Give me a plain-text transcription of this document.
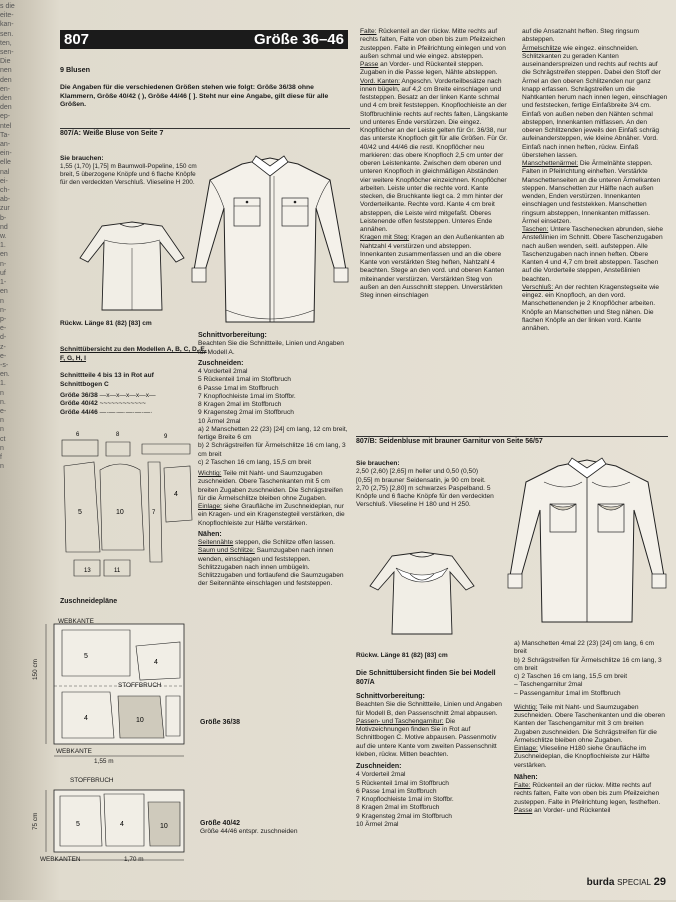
s die
eite-
kan-
sen.
ten,
sen-
Die
nen
den
en-
den
den
ep-
ntel
Ta-
an-
ein-
elle
nal
ei-
ch-
ab-
zur
b-
nd
w.
1.
en
n-
uf
1-
en
n
n-
p-
e-
d-
z-
e-
-s-
en.
1.
n
n.
e-
n
n
ct
n
f
n
807	Größe 36–46

9 Blusen

Die Angaben für die verschiedenen Größen stehen wie folgt: Größe 36/38 ohne Klammern, Größe 40/42 ( ), Größe 44/46 [ ]. Steht nur eine Angabe, gilt diese für alle Größen.

807/A: Weiße Bluse von Seite 7

Sie brauchen:

1,55 (1,70) [1,75] m Baumwoll-Popeline, 150 cm breit, 5 überzogene Knöpfe und 6 flache Knöpfe für den verdeckten Verschluß. Vlieseline H 200.

Rückw. Länge 81 (82) [83] cm
Schnittübersicht zu den Modellen A, B, C, D, E, F, G, H, I
Schnittteile 4 bis 13 in Rot auf Schnittbogen C

Größe 36/38 —x—x—x—x—x—

Größe 40/42 ~~~~~~~~~~~~

Größe 44/46 —·—·—·—·—·—·

6	8	9
5	10	7
4
13	11
Zuschneidepläne
5
4	10
4
WEBKANTE
STOFFBRUCH
150 cm
WEBKANTE
1,55 m
Größe 36/38
5	4	10
STOFFBRUCH
75 cm
WEBKANTEN	1,70 m

Größe 40/42

Größe 44/46 entspr. zuschneiden

Schnittvorbereitung:

Beachten Sie die Schnittteile, Linien und Angaben für Modell A.

Zuschneiden:

4 Vorderteil 2mal

5 Rückenteil 1mal im Stoffbruch

6 Passe 1mal im Stoffbruch

7 Knopflochleiste 1mal im Stoffbr.

8 Kragen 2mal im Stoffbruch

9 Kragensteg 2mal im Stoffbruch

10 Ärmel 2mal

a) 2 Manschetten 22 (23) [24] cm lang, 12 cm breit, fertige Breite 6 cm

b) 2 Schrägstreifen für Ärmelschlitze 16 cm lang, 3 cm breit

c) 2 Taschen 16 cm lang, 15,5 cm breit

Wichtig: Teile mit Naht- und Saumzugaben zuschneiden. Obere Taschenkanten mit 5 cm breiten Zugaben zuschneiden. Die Schrägstreifen für die Ärmelschlitze bleiben ohne Zugaben.

Einlage: siehe Graufläche im Zuschneideplan, nur ein Kragen- und ein Kragenstegteil verstärken, die Knopflochleiste zur Hälfte verstärken.

Nähen:

Seitennähte steppen, die Schlitze offen lassen.

Saum und Schlitze: Saumzugaben nach innen wenden, einschlagen und feststeppen. Schlitzzugaben nach innen umbügeln. Schlitzzugaben und fortlaufend die Saumzugaben der Seitennähte einschlagen und feststeppen.

Falte: Rückenteil an der rückw. Mitte rechts auf rechts falten, Falte von oben bis zum Pfeilzeichen zusteppen. Falte in Pfeilrichtung einlegen und von außen schmal und wie eingez. absteppen.

Passe an Vorder- und Rückenteil steppen. Zugaben in die Passe legen, Nähte absteppen.

Vord. Kanten: Angeschn. Vorderteilbesätze nach innen bügeln, auf 4,2 cm Breite einschlagen und feststeppen. Besatz an der linken Kante schmal und 4 cm breit feststeppen. Knopflochleiste an der Stoffbruchlinie rechts auf rechts falten, Längskante und unteres Ende verstürzen. Die eingez. Knopflöcher an der Leiste gelten für Gr. 36/38, nur das unterste Knopfloch gilt für alle Größen. Für Gr. 40/42 und 44/46 die restl. Knopflöcher neu markieren: das obere Knopfloch 2,5 cm unter der oberen Leistenkante. Zwischen dem oberen und unteren Knopfloch in gleichmäßigen Abständen vier weitere Knopflöcher einzeichnen. Knopflöcher arbeiten. Leiste unter die rechte vord. Kante stecken, die Bruchkante liegt ca. 2 mm hinter der Vorderteilkante. Rechte vord. Kante 4 cm breit absteppen, die Leiste wird mitgefaßt. Oberes Leistenende offen feststeppen. Unteres Ende annähen.

Kragen mit Steg: Kragen an den Außenkanten ab Nahtzahl 4 verstürzen und absteppen. Innenkanten zusammenfassen und an die obere Kante von verstärkten Steg heften, Nahtzahl 4 beachten. Stege an den vord. und oberen Kanten miteinander verstürzen. Verstärkten Steg von außen an den Ausschnitt steppen. Unverstärkten Steg innen einschlagen

auf die Ansatznaht heften. Steg ringsum absteppen.

Ärmelschlitze wie eingez. einschneiden. Schlitzkanten zu geraden Kanten auseinanderspreizen und rechts auf rechts auf die Schrägstreifen steppen. Dabei den Stoff der Ärmel an den oberen Schlitzenden nur ganz knapp erfassen. Schrägstreifen um die Nahtkanten herum nach innen legen, einschlagen und feststecken, fertige Einfaßbreite 3/4 cm. Einfaß von außen neben den Nähten schmal absteppen, Innenkanten mitfassen. An den oberen Schlitzenden jeweils den Einfaß schräg aufeinandersteppen, wie kleine Abnäher. Vord. Einfaß nach innen heften, rückw. Einfaß überstehen lassen.

Manschettenärmel: Die Ärmelnähte steppen. Falten in Pfeilrichtung einheften. Verstärkte Manschettenseiten an die unteren Ärmelkanten steppen. Manschetten zur Hälfte nach außen wenden, Enden verstürzen. Innenkanten einschlagen und feststekken. Manschetten ringsum absteppen, Innenkanten mitfassen. Ärmel einsetzen.

Taschen: Untere Taschenecken abrunden, siehe Ansteßlinien im Schnitt. Obere Taschenzugaben nach außen wenden, seitl. aufsteppen. Alle Taschenzugaben nach innen heften. Obere Kanten 4 und 4,7 cm breit absteppen. Taschen auf die Vorderteile steppen, Ansteßlinien beachten.

Verschluß: An der rechten Kragenstegseite wie eingez. ein Knopfloch, an den vord. Manschettenenden je 2 Knopflöcher arbeiten. Knöpfe an Manschetten und Steg nähen. Die flachen Knöpfe an der linken vord. Kante annähen.

807/B: Seidenbluse mit brauner Garnitur von Seite 56/57

Sie brauchen:

2,50 (2,60) [2,65] m heller und 0,50 (0,50) [0,55] m brauner Seidensatin, je 90 cm breit. 2,70 (2,75) [2,80] m schwarzes Paspelband. 5 Knöpfe und 6 flache Knöpfe für den verdeckten Verschluß. Vlieseline H 180 und H 250.

Rückw. Länge 81 (82) [83] cm

Die Schnittübersicht finden Sie bei Modell 807/A

Schnittvorbereitung:

Beachten Sie die Schnittteile, Linien und Angaben für Modell B, den Passenschnitt 2mal abpausen.

Passen- und Taschengarnitur: Die Motivzeichnungen finden Sie in Rot auf Schnittbogen C. Motive abpausen. Passenmotiv auf die untere Kante vom zweiten Passenschnitt kleben, rückw. Mitten beachten.

Zuschneiden:

4 Vorderteil 2mal

5 Rückenteil 1mal im Stoffbruch

6 Passe 1mal im Stoffbruch

7 Knopflochleiste 1mal im Stoffbr.

8 Kragen 2mal im Stoffbruch

9 Kragensteg 2mal im Stoffbruch

10 Ärmel 2mal

a) Manschetten 4mal 22 (23) [24] cm lang, 6 cm breit

b) 2 Schrägstreifen für Ärmelschlitze 16 cm lang, 3 cm breit

c) 2 Taschen 16 cm lang, 15,5 cm breit

– Taschengarnitur 2mal

– Passengarnitur 1mal im Stoffbruch

Wichtig: Teile mit Naht- und Saumzugaben zuschneiden. Obere Taschenkanten und die oberen Kanten der Taschengarnitur mit 3 cm breiten Zugaben zuschneiden. Die Schrägstreifen für die Ärmelschlitze bleiben ohne Zugaben.

Einlage: Vlieseline H180 siehe Graufläche im Zuschneideplan, die Knopflochleiste zur Hälfte verstärken.

Nähen:

Falte: Rückenteil an der rückw. Mitte rechts auf rechts falten, Falte von oben bis zum Pfeilzeichen zusteppen. Falte in Pfeilrichtung legen, festheften.

Passe an Vorder- und Rückenteil

burda SPECIAL 29
